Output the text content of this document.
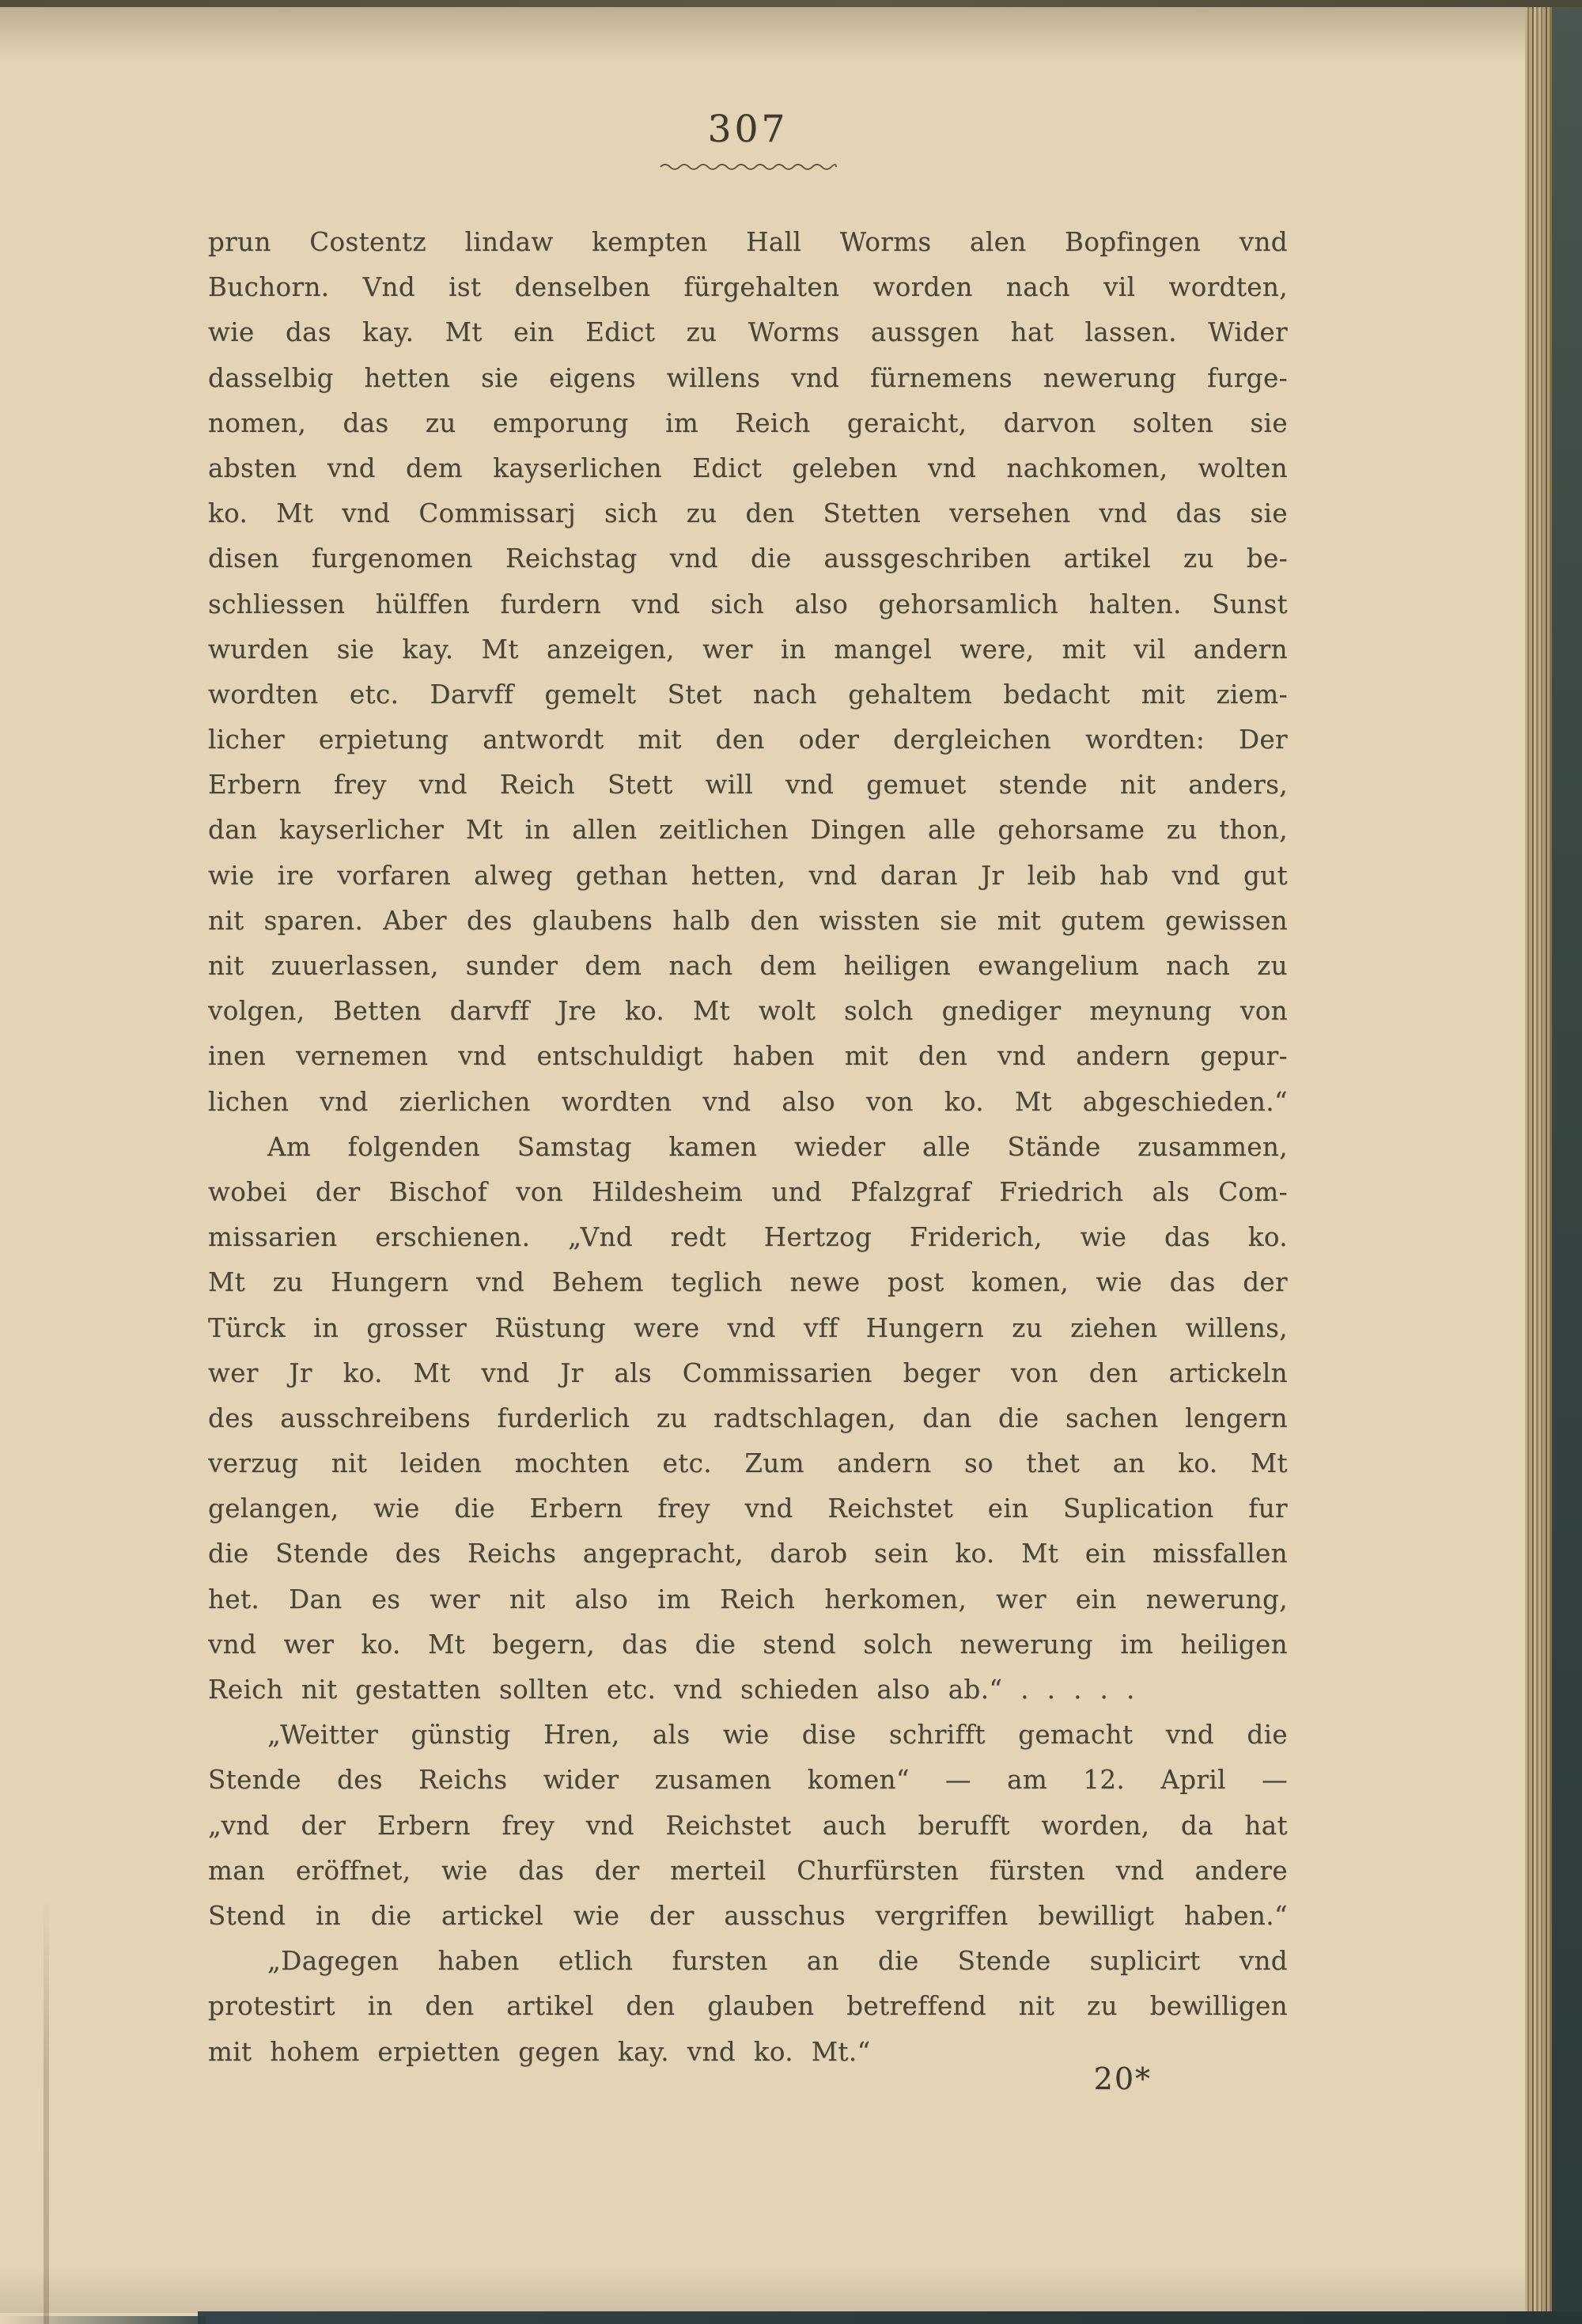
307

prun Costentz lindaw kempten Hall Worms alen Bopfingen vnd

Buchorn. Vnd ist denselben fürgehalten worden nach vil wordten,

wie das kay. Mt ein Edict zu Worms aussgen hat lassen. Wider

dasselbig hetten sie eigens willens vnd fürnemens newerung furge-

nomen, das zu emporung im Reich geraicht, darvon solten sie

absten vnd dem kayserlichen Edict geleben vnd nachkomen, wolten

ko. Mt vnd Commissarj sich zu den Stetten versehen vnd das sie

disen furgenomen Reichstag vnd die aussgeschriben artikel zu be-

schliessen hülffen furdern vnd sich also gehorsamlich halten. Sunst

wurden sie kay. Mt anzeigen, wer in mangel were, mit vil andern

wordten etc. Darvff gemelt Stet nach gehaltem bedacht mit ziem-

licher erpietung antwordt mit den oder dergleichen wordten: Der

Erbern frey vnd Reich Stett will vnd gemuet stende nit anders,

dan kayserlicher Mt in allen zeitlichen Dingen alle gehorsame zu thon,

wie ire vorfaren alweg gethan hetten, vnd daran Jr leib hab vnd gut

nit sparen. Aber des glaubens halb den wissten sie mit gutem gewissen

nit zuuerlassen, sunder dem nach dem heiligen ewangelium nach zu

volgen, Betten darvff Jre ko. Mt wolt solch gnediger meynung von

inen vernemen vnd entschuldigt haben mit den vnd andern gepur-

lichen vnd zierlichen wordten vnd also von ko. Mt abgeschieden.“

Am folgenden Samstag kamen wieder alle Stände zusammen,

wobei der Bischof von Hildesheim und Pfalzgraf Friedrich als Com-

missarien erschienen. „Vnd redt Hertzog Friderich, wie das ko.

Mt zu Hungern vnd Behem teglich newe post komen, wie das der

Türck in grosser Rüstung were vnd vff Hungern zu ziehen willens,

wer Jr ko. Mt vnd Jr als Commissarien beger von den artickeln

des ausschreibens furderlich zu radtschlagen, dan die sachen lengern

verzug nit leiden mochten etc. Zum andern so thet an ko. Mt

gelangen, wie die Erbern frey vnd Reichstet ein Suplication fur

die Stende des Reichs angepracht, darob sein ko. Mt ein missfallen

het. Dan es wer nit also im Reich herkomen, wer ein newerung,

vnd wer ko. Mt begern, das die stend solch newerung im heiligen

Reich nit gestatten sollten etc. vnd schieden also ab.“ . . . . .

„Weitter günstig Hren, als wie dise schrifft gemacht vnd die

Stende des Reichs wider zusamen komen“ — am 12. April —

„vnd der Erbern frey vnd Reichstet auch berufft worden, da hat

man eröffnet, wie das der merteil Churfürsten fürsten vnd andere

Stend in die artickel wie der ausschus vergriffen bewilligt haben.“

„Dagegen haben etlich fursten an die Stende suplicirt vnd

protestirt in den artikel den glauben betreffend nit zu bewilligen

mit hohem erpietten gegen kay. vnd ko. Mt.“

20*
